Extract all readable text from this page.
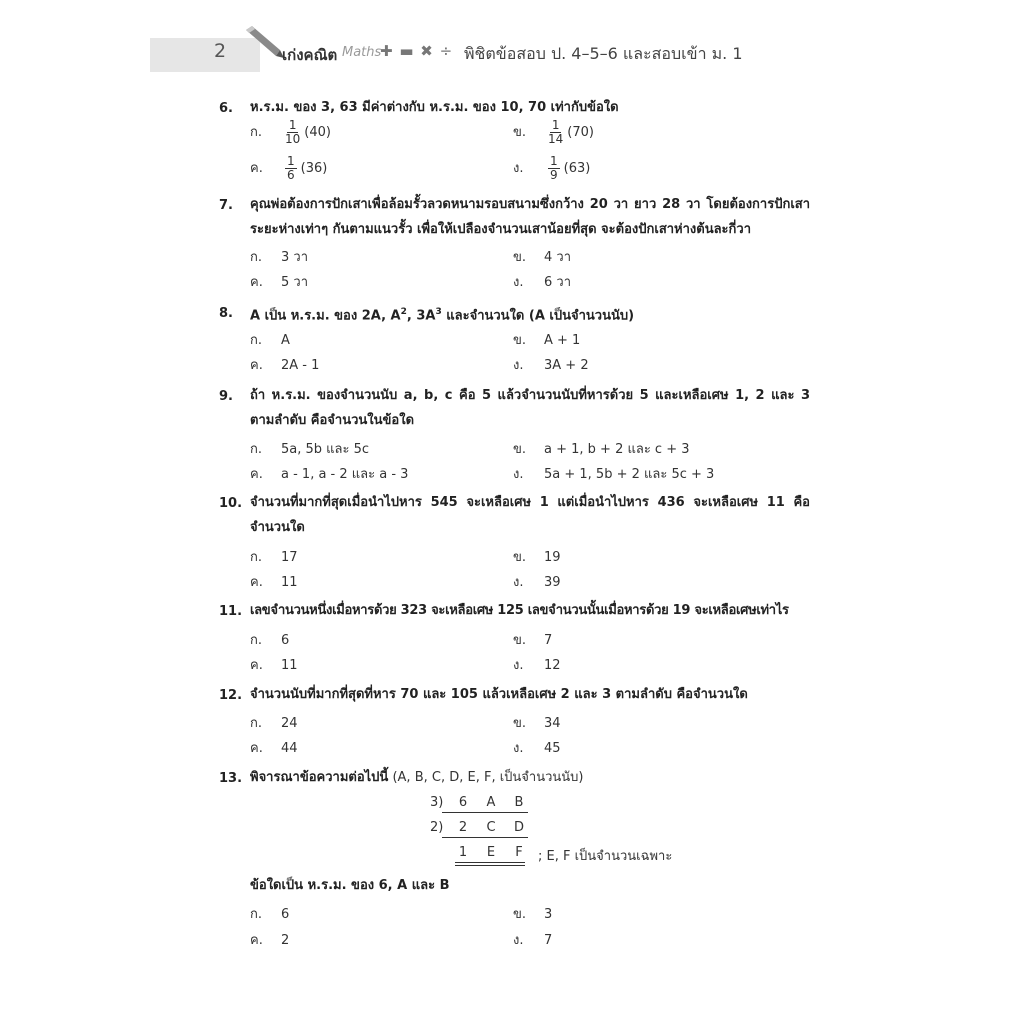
2	เก่งคณิต Maths
✚ ▬ ✖ ÷ พิชิตข้อสอบ ป. 4–5–6 และสอบเข้า ม. 1
6. ห.ร.ม. ของ 3, 63 มีค่าต่างกับ ห.ร.ม. ของ 10, 70 เท่ากับข้อใด
ก. $\frac{1}{10} (40)$	ข. $\frac{1}{14} (70)$
ค. $\frac{1}{6} (36)$	ง. $\frac{1}{9} (63)$
7. คุณพ่อต้องการปักเสาเพื่อล้อมรั้วลวดหนามรอบสนามซึ่งกว้าง 20 วา ยาว 28 วา โดยต้องการปักเสาระยะห่างเท่าๆ กันตามแนวรั้ว เพื่อให้เปลืองจำนวนเสาน้อยที่สุด จะต้องปักเสาห่างต้นละกี่วา
ก. 3 วา	ข. 4 วา
ค. 5 วา	ง. 6 วา
8. A เป็น ห.ร.ม. ของ 2A, $A^2$, $3A^3$ และจำนวนใด (A เป็นจำนวนนับ)
ก. A	ข. A + 1
ค. 2A - 1	ง. 3A + 2
9. ถ้า ห.ร.ม. ของจำนวนนับ a, b, c คือ 5 แล้วจำนวนนับที่หารด้วย 5 และเหลือเศษ 1, 2 และ 3 ตามลำดับ คือจำนวนในข้อใด
ก. 5a, 5b และ 5c	ข. a + 1, b + 2 และ c + 3
ค. a - 1, a - 2 และ a - 3	ง. 5a + 1, 5b + 2 และ 5c + 3
10. จำนวนที่มากที่สุดเมื่อนำไปหาร 545 จะเหลือเศษ 1 แต่เมื่อนำไปหาร 436 จะเหลือเศษ 11 คือจำนวนใด
ก. 17	ข. 19
ค. 11	ง. 39
11. เลขจำนวนหนึ่งเมื่อหารด้วย 323 จะเหลือเศษ 125 เลขจำนวนนั้นเมื่อหารด้วย 19 จะเหลือเศษเท่าไร
ก. 6	ข. 7
ค. 11	ง. 12
12. จำนวนนับที่มากที่สุดที่หาร 70 และ 105 แล้วเหลือเศษ 2 และ 3 ตามลำดับ คือจำนวนใด
ก. 24	ข. 34
ค. 44	ง. 45
13. พิจารณาข้อความต่อไปนี้ (A, B, C, D, E, F, เป็นจำนวนนับ)
3)	6	A	B
2)	2	C	D
1	E	F	; E, F เป็นจำนวนเฉพาะ
ข้อใดเป็น ห.ร.ม. ของ 6, A และ B
ก. 6	ข. 3
ค. 2	ง. 7
